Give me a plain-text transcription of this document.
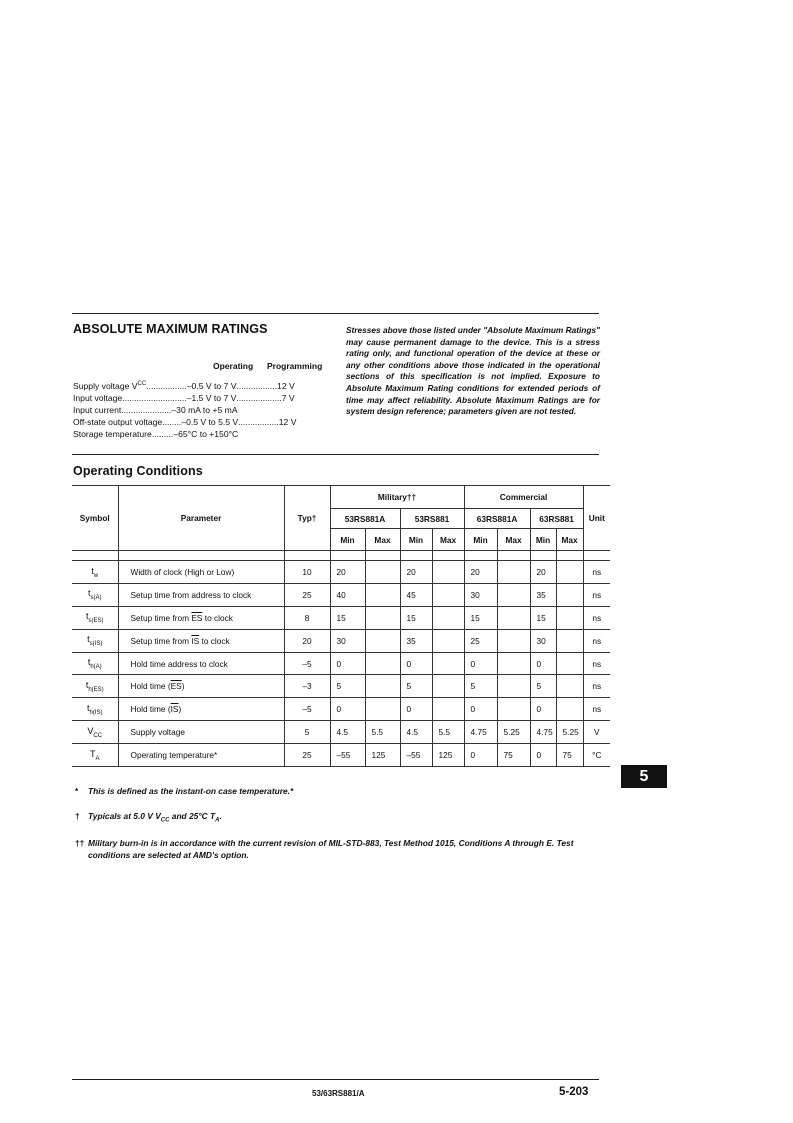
ABSOLUTE MAXIMUM RATINGS
Operating Programming
Supply voltage V CC ................. –0.5 V to 7 V ................. 12 V
Input voltage ........................... –1.5 V to 7 V ................... 7 V
Input current ..................... –30 mA to +5 mA
Off-state output voltage ........ –0.5 V to 5.5 V ................. 12 V
Storage temperature ......... –65°C to +150°C
Stresses above those listed under "Absolute Maximum Ratings" may cause permanent damage to the device. This is a stress rating only, and functional operation of the device at these or any other conditions above those indicated in the operational sections of this specification is not implied. Exposure to Absolute Maximum Rating conditions for extended periods of time may affect reliability. Absolute Maximum Ratings are for system design reference; parameters given are not tested.
Operating Conditions
Symbol	Parameter	Typ†	Military††				Commercial				Unit
			53RS881A		53RS881		63RS881A		63RS881		
			Min	Max	Min	Max	Min	Max	Min	Max	

$t_w$	Width of clock (High or Low)	10	20		20		20		20		ns
$t_{s(A)}$	Setup time from address to clock	25	40		45		30		35		ns
$t_{s(ES)}$	Setup time from $\overline{ES}$ to clock	8	15		15		15		15		ns
$t_{s(IS)}$	Setup time from $\overline{IS}$ to clock	20	30		35		25		30		ns
$t_{h(A)}$	Hold time address to clock	–5	0		0		0		0		ns
$t_{h(ES)}$	Hold time $(\overline{ES})$	–3	5		5		5		5		ns
$t_{h(IS)}$	Hold time $(\overline{IS})$	–5	0		0		0		0		ns
$V_{CC}$	Supply voltage	5	4.5	5.5	4.5	5.5	4.75	5.25	4.75	5.25	V
$T_A$	Operating temperature*	25	–55	125	–55	125	0	75	0	75	°C
* This is defined as the instant-on case temperature.*
† Typicals at 5.0 V $V_{CC}$ and 25°C $T_A$.
†† Military burn-in is in accordance with the current revision of MIL-STD-883, Test Method 1015, Conditions A through E. Test conditions are selected at AMD's option.
5
53/63RS881/A	5-203
